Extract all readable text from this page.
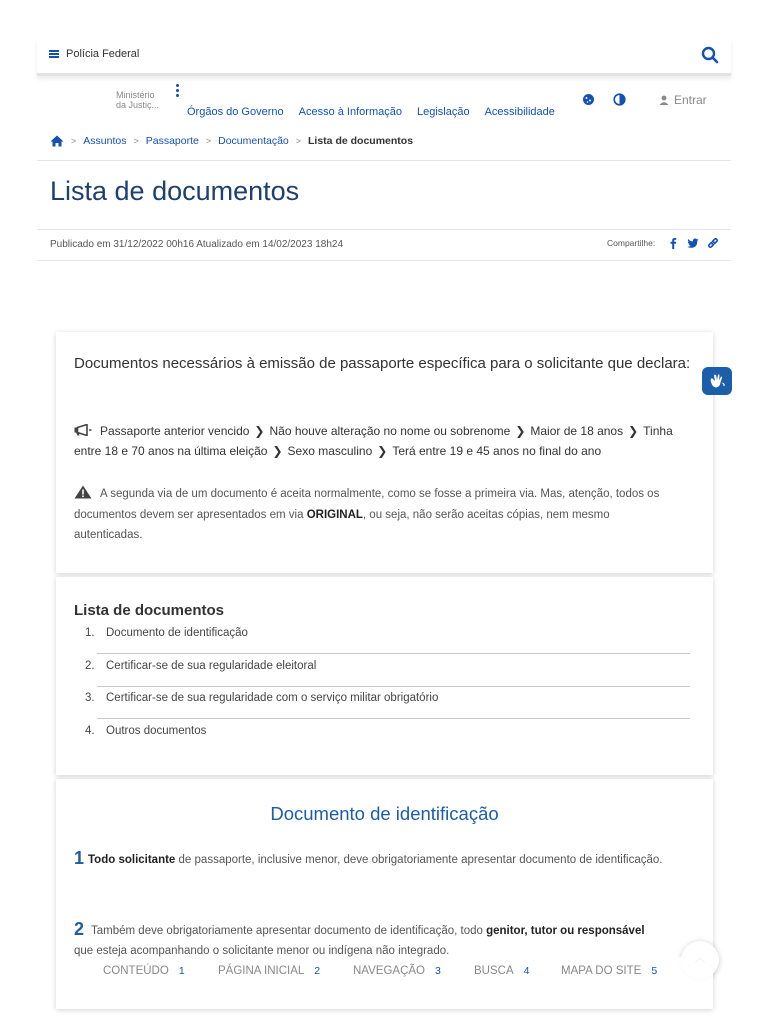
Polícia Federal
Ministério da Justiç...
Órgãos do Governo Acesso à Informação Legislação Acessibilidade
Entrar
> Assuntos > Passaporte > Documentação > Lista de documentos
Lista de documentos
Publicado em 31/12/2022 00h16 Atualizado em 14/02/2023 18h24	Compartilhe:
Documentos necessários à emissão de passaporte específica para o solicitante que declara:
Passaporte anterior vencido ❯ Não houve alteração no nome ou sobrenome ❯ Maior de 18 anos ❯ Tinha entre 18 e 70 anos na última eleição ❯ Sexo masculino ❯ Terá entre 19 e 45 anos no final do ano
A segunda via de um documento é aceita normalmente, como se fosse a primeira via. Mas, atenção, todos os documentos devem ser apresentados em via ORIGINAL, ou seja, não serão aceitas cópias, nem mesmo autenticadas.
Lista de documentos
1. Documento de identificação
2. Certificar-se de sua regularidade eleitoral
3. Certificar-se de sua regularidade com o serviço militar obrigatório
4. Outros documentos
Documento de identificação
1 Todo solicitante de passaporte, inclusive menor, deve obrigatoriamente apresentar documento de identificação.
2 Também deve obrigatoriamente apresentar documento de identificação, todo genitor, tutor ou responsável que esteja acompanhando o solicitante menor ou indígena não integrado.
CONTEÚDO 1	PÁGINA INICIAL 2	NAVEGAÇÃO 3	BUSCA 4	MAPA DO SITE 5
